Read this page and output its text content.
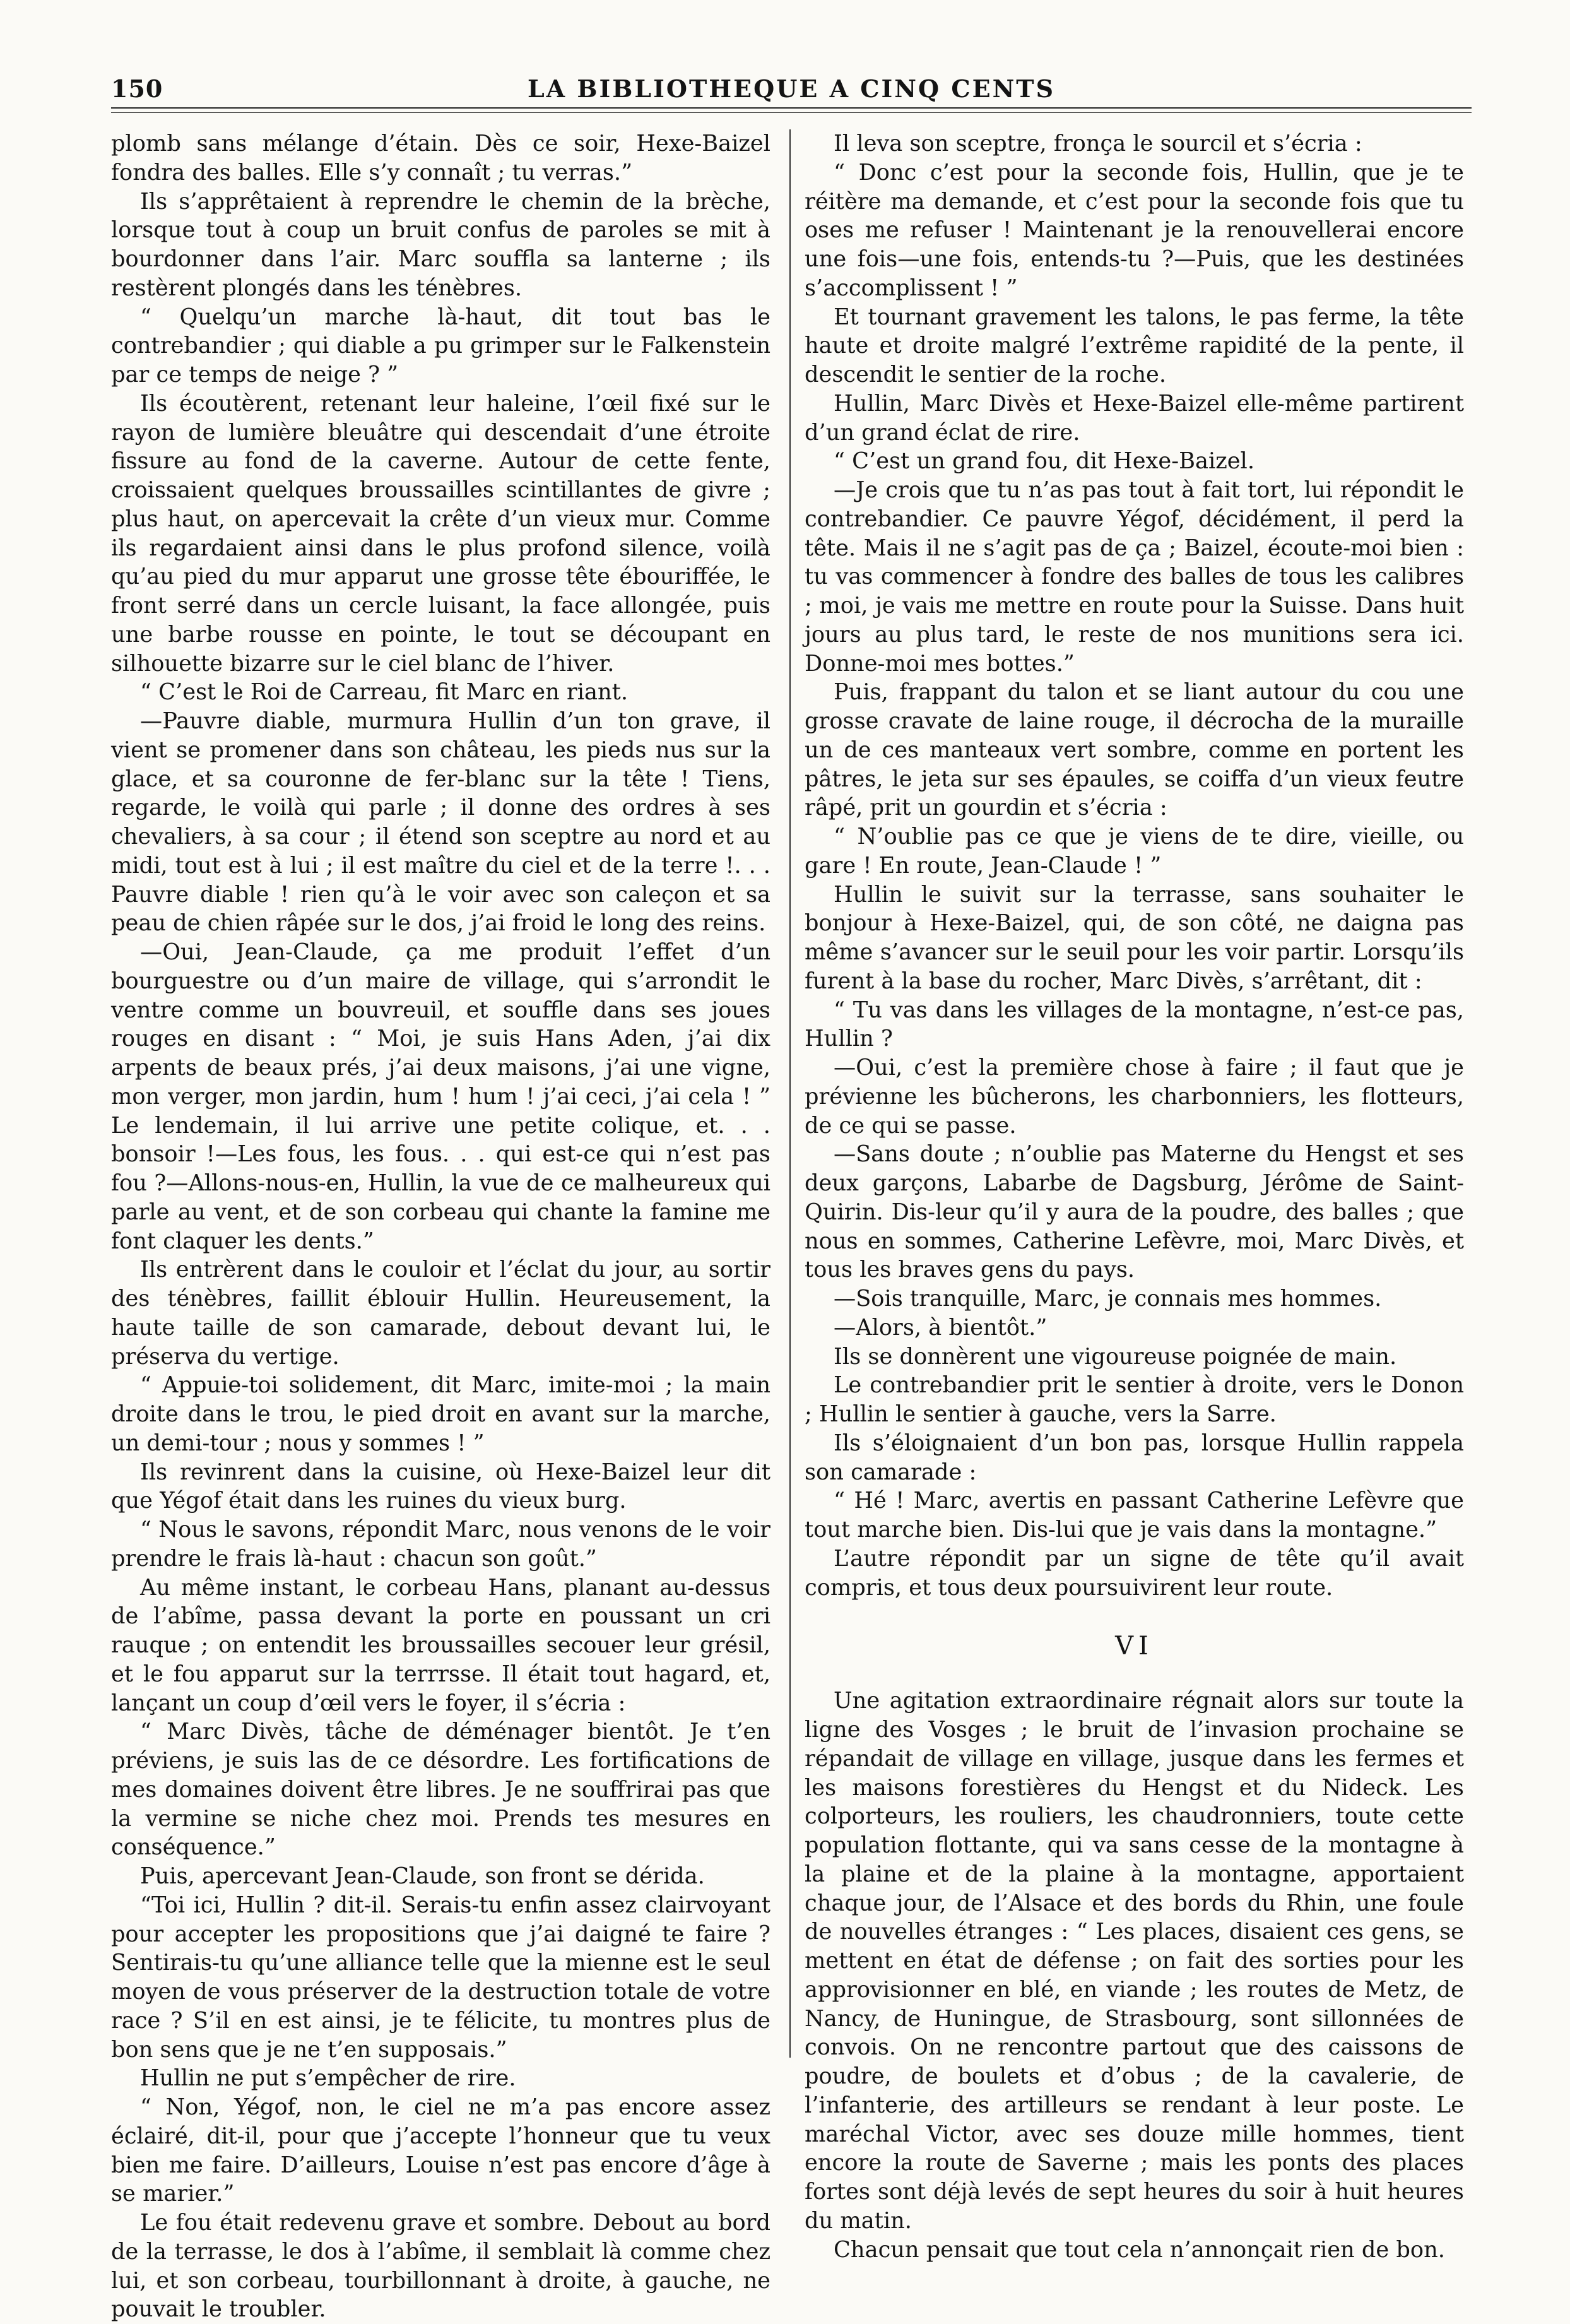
150	LA BIBLIOTHEQUE A CINQ CENTS

plomb sans mélange d’étain. Dès ce soir, Hexe-Baizel fondra des balles. Elle s’y connaît ; tu verras.”

Ils s’apprêtaient à reprendre le chemin de la brèche, lorsque tout à coup un bruit confus de paroles se mit à bourdonner dans l’air. Marc souffla sa lanterne ; ils restèrent plongés dans les ténèbres.

“ Quelqu’un marche là-haut, dit tout bas le contrebandier ; qui diable a pu grimper sur le Falkenstein par ce temps de neige ? ”

Ils écoutèrent, retenant leur haleine, l’œil fixé sur le rayon de lumière bleuâtre qui descendait d’une étroite fissure au fond de la caverne. Autour de cette fente, croissaient quelques broussailles scintillantes de givre ; plus haut, on apercevait la crête d’un vieux mur. Comme ils regardaient ainsi dans le plus profond silence, voilà qu’au pied du mur apparut une grosse tête ébouriffée, le front serré dans un cercle luisant, la face allongée, puis une barbe rousse en pointe, le tout se découpant en silhouette bizarre sur le ciel blanc de l’hiver.

“ C’est le Roi de Carreau, fit Marc en riant.

—Pauvre diable, murmura Hullin d’un ton grave, il vient se promener dans son château, les pieds nus sur la glace, et sa couronne de fer-blanc sur la tête ! Tiens, regarde, le voilà qui parle ; il donne des ordres à ses chevaliers, à sa cour ; il étend son sceptre au nord et au midi, tout est à lui ; il est maître du ciel et de la terre !. . . Pauvre diable ! rien qu’à le voir avec son caleçon et sa peau de chien râpée sur le dos, j’ai froid le long des reins.

—Oui, Jean-Claude, ça me produit l’effet d’un bourguestre ou d’un maire de village, qui s’arrondit le ventre comme un bouvreuil, et souffle dans ses joues rouges en disant : “ Moi, je suis Hans Aden, j’ai dix arpents de beaux prés, j’ai deux maisons, j’ai une vigne, mon verger, mon jardin, hum ! hum ! j’ai ceci, j’ai cela ! ” Le lendemain, il lui arrive une petite colique, et. . . bonsoir !—Les fous, les fous. . . qui est-ce qui n’est pas fou ?—Allons-nous-en, Hullin, la vue de ce malheureux qui parle au vent, et de son corbeau qui chante la famine me font claquer les dents.”

Ils entrèrent dans le couloir et l’éclat du jour, au sortir des ténèbres, faillit éblouir Hullin. Heureusement, la haute taille de son camarade, debout devant lui, le préserva du vertige.

“ Appuie-toi solidement, dit Marc, imite-moi ; la main droite dans le trou, le pied droit en avant sur la marche, un demi-tour ; nous y sommes ! ”

Ils revinrent dans la cuisine, où Hexe-Baizel leur dit que Yégof était dans les ruines du vieux burg.

“ Nous le savons, répondit Marc, nous venons de le voir prendre le frais là-haut : chacun son goût.”

Au même instant, le corbeau Hans, planant au-dessus de l’abîme, passa devant la porte en poussant un cri rauque ; on entendit les broussailles secouer leur grésil, et le fou apparut sur la terrrsse. Il était tout hagard, et, lançant un coup d’œil vers le foyer, il s’écria :

“ Marc Divès, tâche de déménager bientôt. Je t’en préviens, je suis las de ce désordre. Les fortifications de mes domaines doivent être libres. Je ne souffrirai pas que la vermine se niche chez moi. Prends tes mesures en conséquence.”

Puis, apercevant Jean-Claude, son front se dérida.

“Toi ici, Hullin ? dit-il. Serais-tu enfin assez clairvoyant pour accepter les propositions que j’ai daigné te faire ? Sentirais-tu qu’une alliance telle que la mienne est le seul moyen de vous préserver de la destruction totale de votre race ? S’il en est ainsi, je te félicite, tu montres plus de bon sens que je ne t’en supposais.”

Hullin ne put s’empêcher de rire.

“ Non, Yégof, non, le ciel ne m’a pas encore assez éclairé, dit-il, pour que j’accepte l’honneur que tu veux bien me faire. D’ailleurs, Louise n’est pas encore d’âge à se marier.”

Le fou était redevenu grave et sombre. Debout au bord de la terrasse, le dos à l’abîme, il semblait là comme chez lui, et son corbeau, tourbillonnant à droite, à gauche, ne pouvait le troubler.

Il leva son sceptre, fronça le sourcil et s’écria :

“ Donc c’est pour la seconde fois, Hullin, que je te réitère ma demande, et c’est pour la seconde fois que tu oses me refuser ! Maintenant je la renouvellerai encore une fois—une fois, entends-tu ?—Puis, que les destinées s’accomplissent ! ”

Et tournant gravement les talons, le pas ferme, la tête haute et droite malgré l’extrême rapidité de la pente, il descendit le sentier de la roche.

Hullin, Marc Divès et Hexe-Baizel elle-même partirent d’un grand éclat de rire.

“ C’est un grand fou, dit Hexe-Baizel.

—Je crois que tu n’as pas tout à fait tort, lui répondit le contrebandier. Ce pauvre Yégof, décidément, il perd la tête. Mais il ne s’agit pas de ça ; Baizel, écoute-moi bien : tu vas commencer à fondre des balles de tous les calibres ; moi, je vais me mettre en route pour la Suisse. Dans huit jours au plus tard, le reste de nos munitions sera ici. Donne-moi mes bottes.”

Puis, frappant du talon et se liant autour du cou une grosse cravate de laine rouge, il décrocha de la muraille un de ces manteaux vert sombre, comme en portent les pâtres, le jeta sur ses épaules, se coiffa d’un vieux feutre râpé, prit un gourdin et s’écria :

“ N’oublie pas ce que je viens de te dire, vieille, ou gare ! En route, Jean-Claude ! ”

Hullin le suivit sur la terrasse, sans souhaiter le bonjour à Hexe-Baizel, qui, de son côté, ne daigna pas même s’avancer sur le seuil pour les voir partir. Lorsqu’ils furent à la base du rocher, Marc Divès, s’arrêtant, dit :

“ Tu vas dans les villages de la montagne, n’est-ce pas, Hullin ?

—Oui, c’est la première chose à faire ; il faut que je prévienne les bûcherons, les charbonniers, les flotteurs, de ce qui se passe.

—Sans doute ; n’oublie pas Materne du Hengst et ses deux garçons, Labarbe de Dagsburg, Jérôme de Saint-Quirin. Dis-leur qu’il y aura de la poudre, des balles ; que nous en sommes, Catherine Lefèvre, moi, Marc Divès, et tous les braves gens du pays.

—Sois tranquille, Marc, je connais mes hommes.

—Alors, à bientôt.”

Ils se donnèrent une vigoureuse poignée de main.

Le contrebandier prit le sentier à droite, vers le Donon ; Hullin le sentier à gauche, vers la Sarre.

Ils s’éloignaient d’un bon pas, lorsque Hullin rappela son camarade :

“ Hé ! Marc, avertis en passant Catherine Lefèvre que tout marche bien. Dis-lui que je vais dans la montagne.”

L’autre répondit par un signe de tête qu’il avait compris, et tous deux poursuivirent leur route.

VI

Une agitation extraordinaire régnait alors sur toute la ligne des Vosges ; le bruit de l’invasion prochaine se répandait de village en village, jusque dans les fermes et les maisons forestières du Hengst et du Nideck. Les colporteurs, les rouliers, les chaudronniers, toute cette population flottante, qui va sans cesse de la montagne à la plaine et de la plaine à la montagne, apportaient chaque jour, de l’Alsace et des bords du Rhin, une foule de nouvelles étranges : “ Les places, disaient ces gens, se mettent en état de défense ; on fait des sorties pour les approvisionner en blé, en viande ; les routes de Metz, de Nancy, de Huningue, de Strasbourg, sont sillonnées de convois. On ne rencontre partout que des caissons de poudre, de boulets et d’obus ; de la cavalerie, de l’infanterie, des artilleurs se rendant à leur poste. Le maréchal Victor, avec ses douze mille hommes, tient encore la route de Saverne ; mais les ponts des places fortes sont déjà levés de sept heures du soir à huit heures du matin.

Chacun pensait que tout cela n’annonçait rien de bon.
